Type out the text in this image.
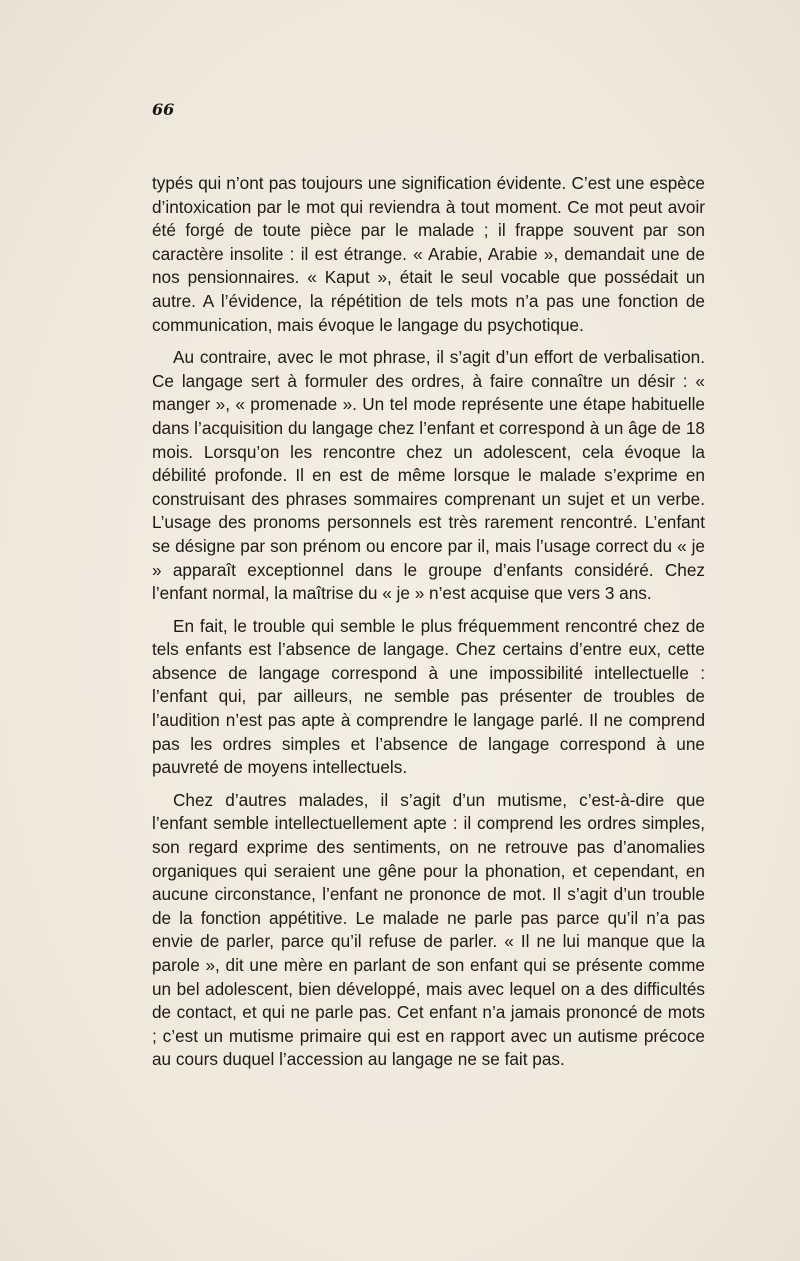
66

typés qui n’ont pas toujours une signification évidente. C’est une espèce d’intoxication par le mot qui reviendra à tout moment. Ce mot peut avoir été forgé de toute pièce par le malade ; il frappe souvent par son caractère insolite : il est étrange. « Arabie, Arabie », demandait une de nos pensionnaires. « Kaput », était le seul vocable que possédait un autre. A l’évidence, la répétition de tels mots n’a pas une fonction de communication, mais évoque le langage du psychotique.

Au contraire, avec le mot phrase, il s’agit d’un effort de verbalisation. Ce langage sert à formuler des ordres, à faire connaître un désir : « manger », « promenade ». Un tel mode représente une étape habituelle dans l’acquisition du langage chez l’enfant et correspond à un âge de 18 mois. Lorsqu’on les rencontre chez un adolescent, cela évoque la débilité profonde. Il en est de même lorsque le malade s’exprime en construisant des phrases sommaires comprenant un sujet et un verbe. L’usage des pronoms personnels est très rarement rencontré. L’enfant se désigne par son prénom ou encore par il, mais l’usage correct du « je » apparaît exceptionnel dans le groupe d’enfants considéré. Chez l’enfant normal, la maîtrise du « je » n’est acquise que vers 3 ans.

En fait, le trouble qui semble le plus fréquemment rencontré chez de tels enfants est l’absence de langage. Chez certains d’entre eux, cette absence de langage correspond à une impossibilité intellectuelle : l’enfant qui, par ailleurs, ne semble pas présenter de troubles de l’audition n’est pas apte à comprendre le langage parlé. Il ne comprend pas les ordres simples et l’absence de langage correspond à une pauvreté de moyens intellectuels.

Chez d’autres malades, il s’agit d’un mutisme, c’est-à-dire que l’enfant semble intellectuellement apte : il comprend les ordres simples, son regard exprime des sentiments, on ne retrouve pas d’anomalies organiques qui seraient une gêne pour la phonation, et cependant, en aucune circonstance, l’enfant ne prononce de mot. Il s’agit d’un trouble de la fonction appétitive. Le malade ne parle pas parce qu’il n’a pas envie de parler, parce qu’il refuse de parler. « Il ne lui manque que la parole », dit une mère en parlant de son enfant qui se présente comme un bel adolescent, bien développé, mais avec lequel on a des difficultés de contact, et qui ne parle pas. Cet enfant n’a jamais prononcé de mots ; c’est un mutisme primaire qui est en rapport avec un autisme précoce au cours duquel l’accession au langage ne se fait pas.
